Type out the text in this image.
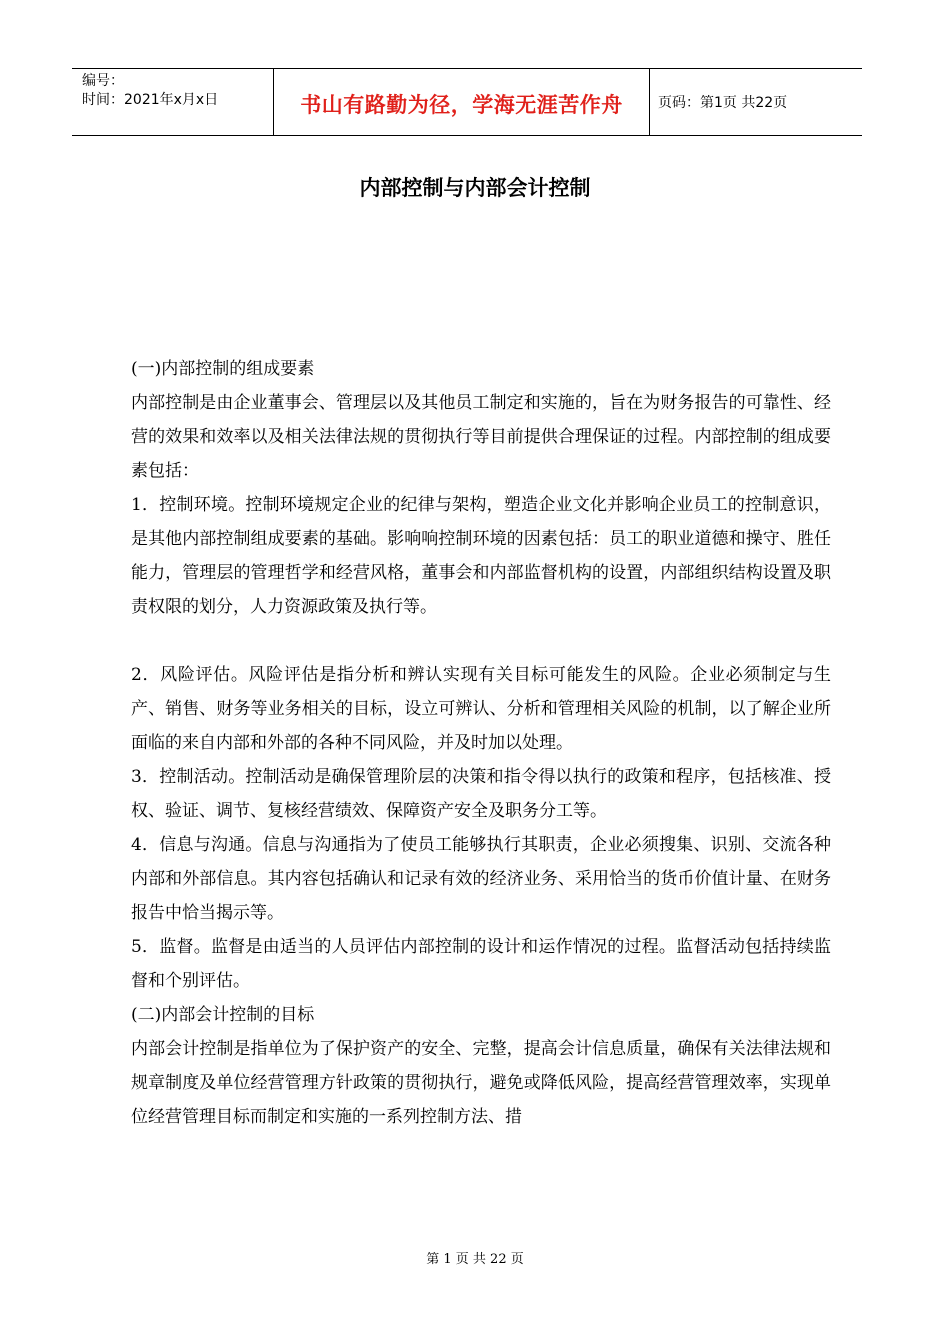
编号：
时间：2021年x月x日	书山有路勤为径，学海无涯苦作舟	页码：第1页 共22页
内部控制与内部会计控制

(一)内部控制的组成要素

内部控制是由企业董事会、管理层以及其他员工制定和实施的，旨在为财务报告的可靠性、经营的效果和效率以及相关法律法规的贯彻执行等目前提供合理保证的过程。内部控制的组成要素包括：

1．控制环境。控制环境规定企业的纪律与架构，塑造企业文化并影响企业员工的控制意识，是其他内部控制组成要素的基础。影响响控制环境的因素包括：员工的职业道德和操守、胜任能力，管理层的管理哲学和经营风格，董事会和内部监督机构的设置，内部组织结构设置及职责权限的划分，人力资源政策及执行等。

2．风险评估。风险评估是指分析和辨认实现有关目标可能发生的风险。企业必须制定与生产、销售、财务等业务相关的目标，设立可辨认、分析和管理相关风险的机制，以了解企业所面临的来自内部和外部的各种不同风险，并及时加以处理。

3．控制活动。控制活动是确保管理阶层的决策和指令得以执行的政策和程序，包括核准、授权、验证、调节、复核经营绩效、保障资产安全及职务分工等。

4．信息与沟通。信息与沟通指为了使员工能够执行其职责，企业必须搜集、识别、交流各种内部和外部信息。其内容包括确认和记录有效的经济业务、采用恰当的货币价值计量、在财务报告中恰当揭示等。

5．监督。监督是由适当的人员评估内部控制的设计和运作情况的过程。监督活动包括持续监督和个别评估。

(二)内部会计控制的目标

内部会计控制是指单位为了保护资产的安全、完整，提高会计信息质量，确保有关法律法规和规章制度及单位经营管理方针政策的贯彻执行，避免或降低风险，提高经营管理效率，实现单位经营管理目标而制定和实施的一系列控制方法、措

第 1 页 共 22 页
